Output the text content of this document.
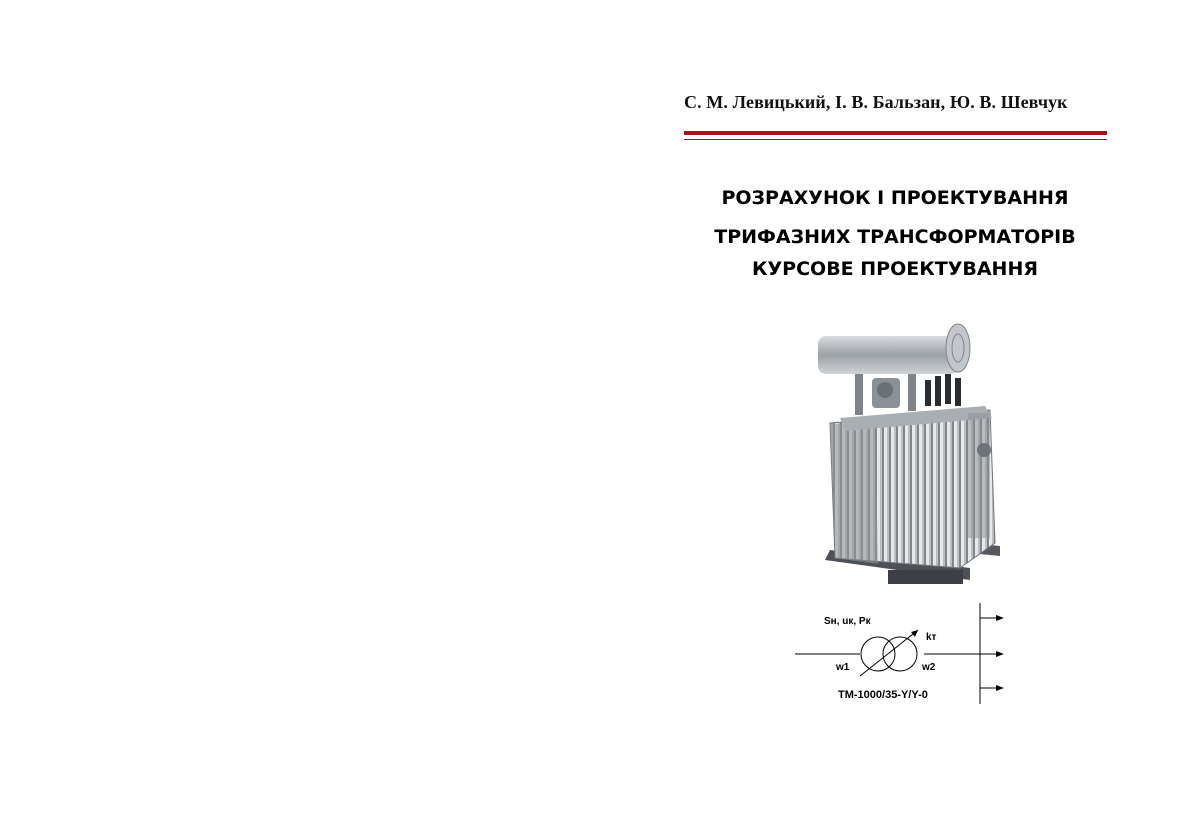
С. М. Левицький, І. В. Бальзан, Ю. В. Шевчук
РОЗРАХУНОК І ПРОЕКТУВАННЯ
ТРИФАЗНИХ ТРАНСФОРМАТОРІВ
КУРСОВЕ ПРОЕКТУВАННЯ
Sн, uк, Pк
kт
w1	w2
ТМ-1000/35-Y/Y-0
